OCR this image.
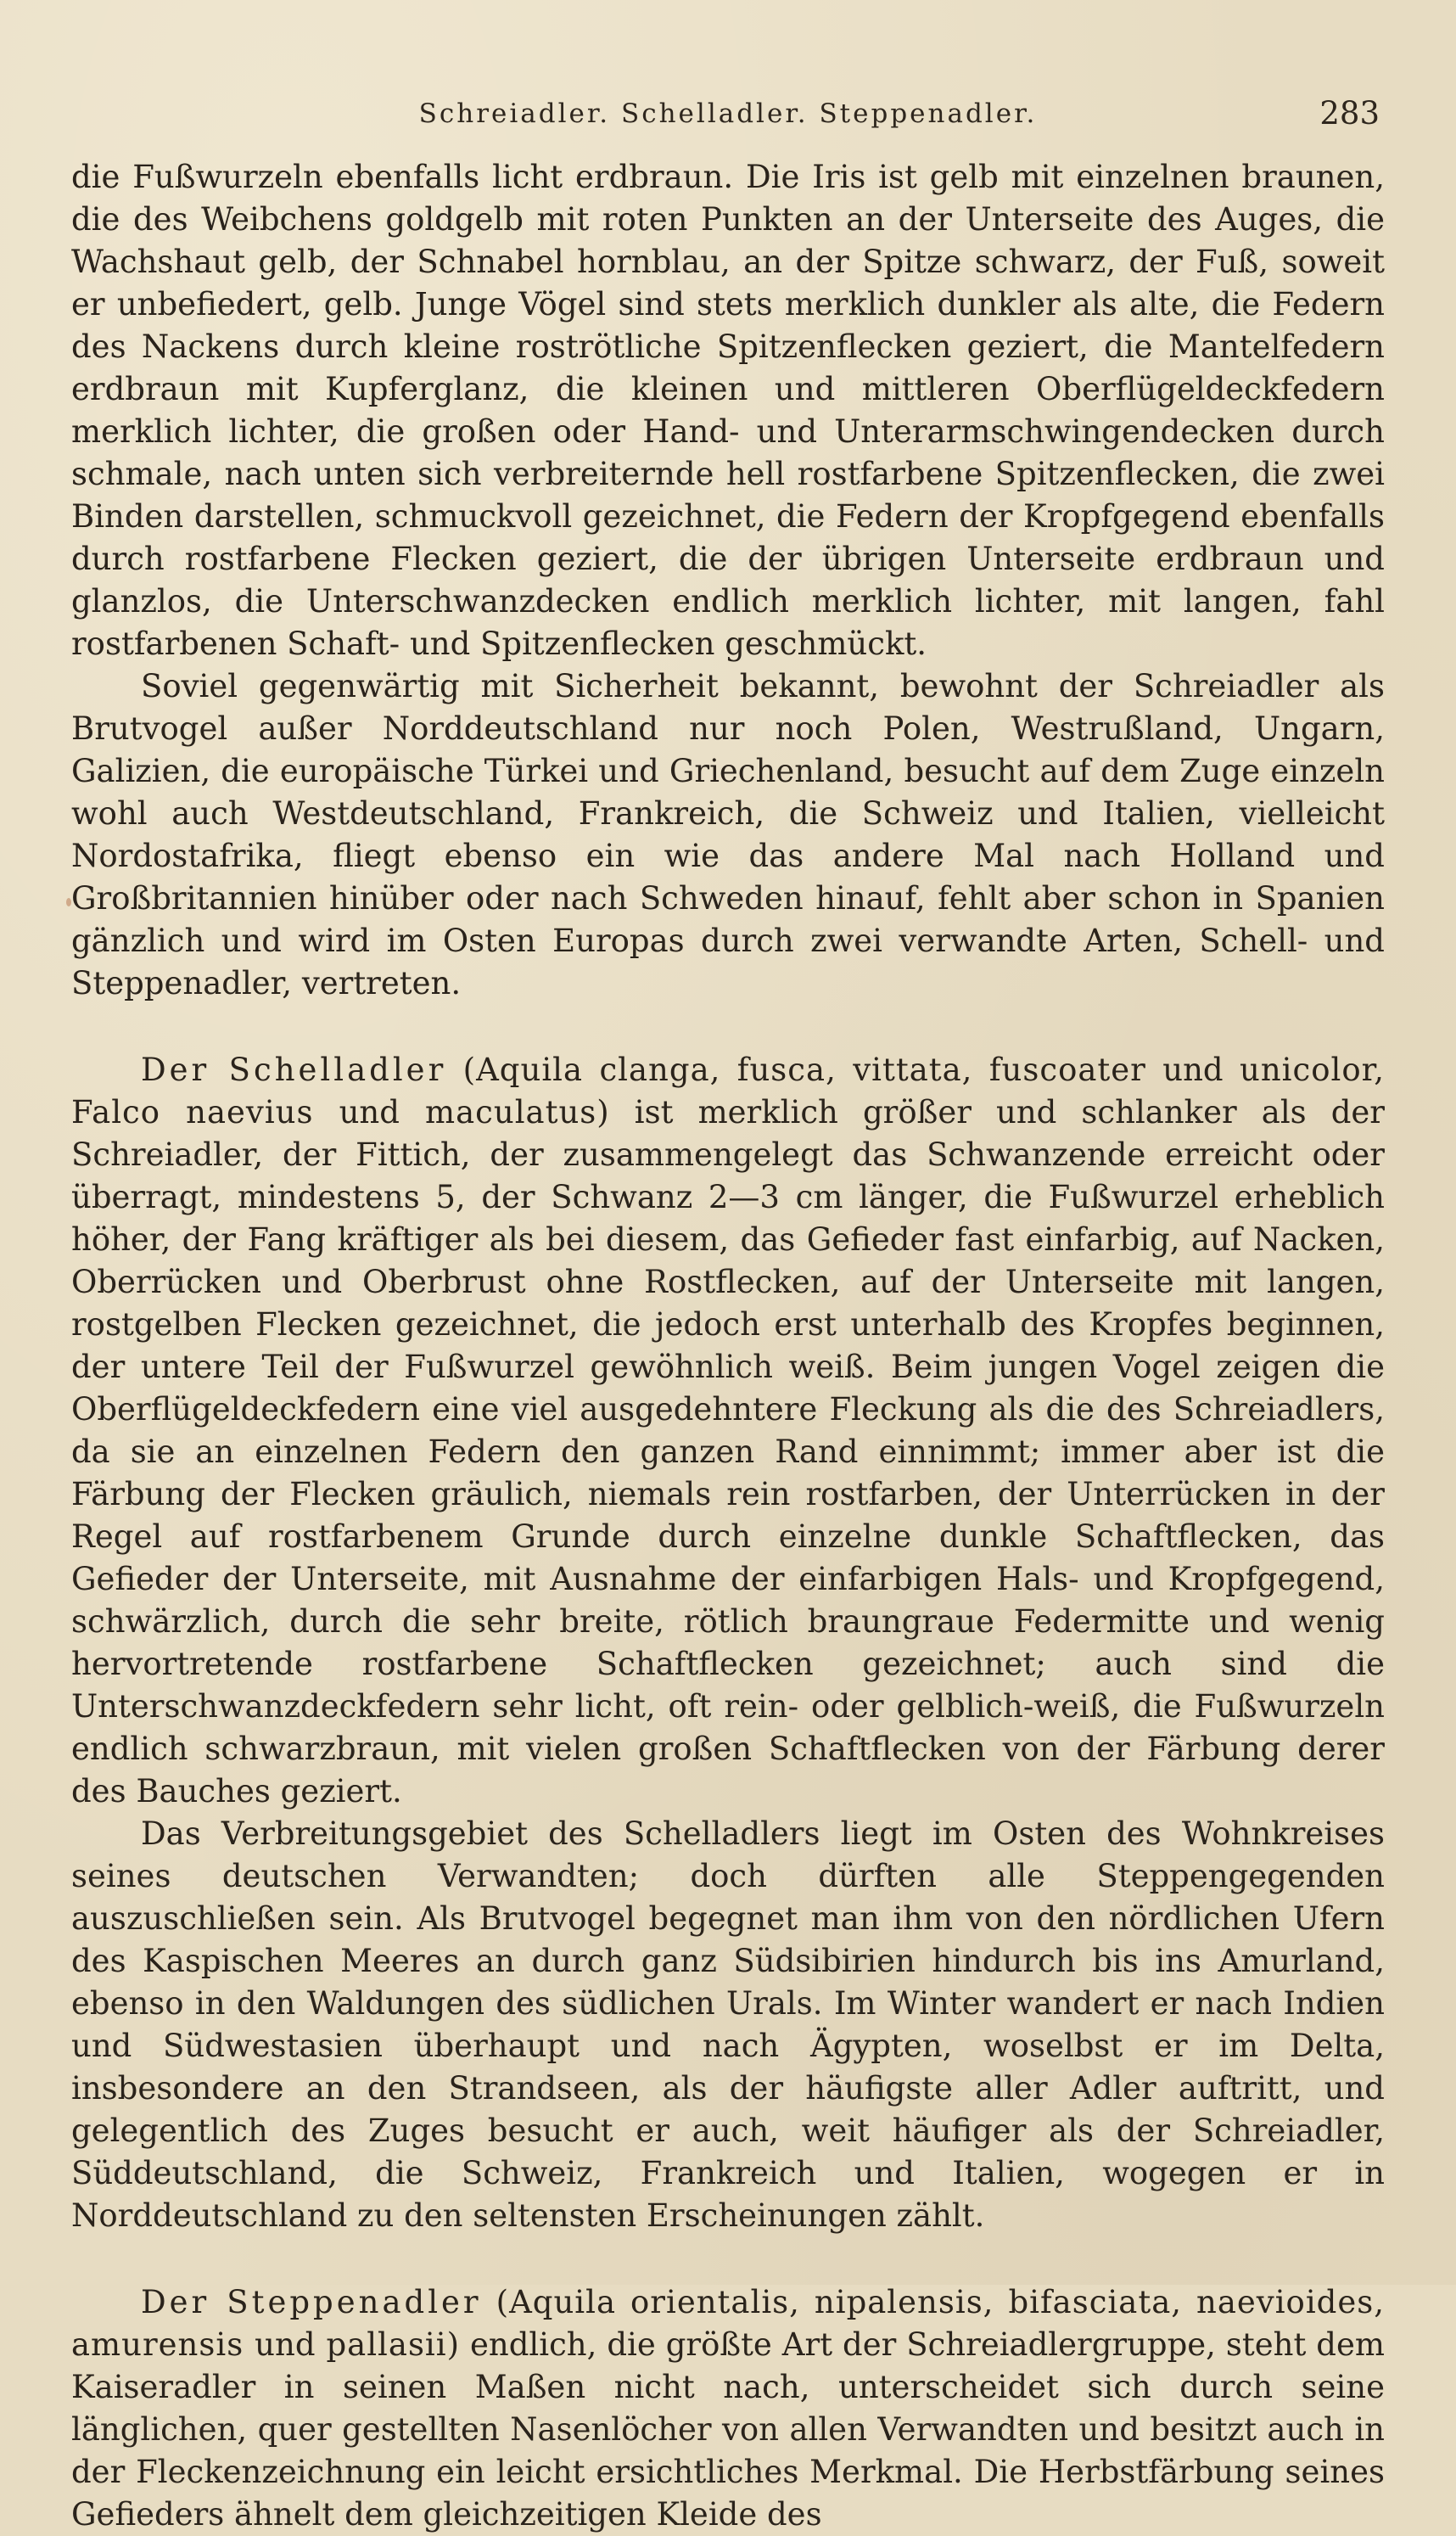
Schreiadler. Schelladler. Steppenadler.	283

die Fußwurzeln ebenfalls licht erdbraun. Die Iris ist gelb mit einzelnen braunen, die des Weibchens goldgelb mit roten Punkten an der Unterseite des Auges, die Wachshaut gelb, der Schnabel hornblau, an der Spitze schwarz, der Fuß, soweit er unbefiedert, gelb. Junge Vögel sind stets merklich dunkler als alte, die Federn des Nackens durch kleine roströtliche Spitzenflecken geziert, die Mantelfedern erdbraun mit Kupferglanz, die kleinen und mittleren Oberflügeldeckfedern merklich lichter, die großen oder Hand- und Unterarmschwingendecken durch schmale, nach unten sich verbreiternde hell rostfarbene Spitzenflecken, die zwei Binden darstellen, schmuckvoll gezeichnet, die Federn der Kropfgegend ebenfalls durch rostfarbene Flecken geziert, die der übrigen Unterseite erdbraun und glanzlos, die Unterschwanzdecken endlich merklich lichter, mit langen, fahl rostfarbenen Schaft- und Spitzenflecken geschmückt.

Soviel gegenwärtig mit Sicherheit bekannt, bewohnt der Schreiadler als Brutvogel außer Norddeutschland nur noch Polen, Westrußland, Ungarn, Galizien, die europäische Türkei und Griechenland, besucht auf dem Zuge einzeln wohl auch Westdeutschland, Frankreich, die Schweiz und Italien, vielleicht Nordostafrika, fliegt ebenso ein wie das andere Mal nach Holland und Großbritannien hinüber oder nach Schweden hinauf, fehlt aber schon in Spanien gänzlich und wird im Osten Europas durch zwei verwandte Arten, Schell- und Steppenadler, vertreten.

Der Schelladler (Aquila clanga, fusca, vittata, fuscoater und unicolor, Falco naevius und maculatus) ist merklich größer und schlanker als der Schreiadler, der Fittich, der zusammengelegt das Schwanzende erreicht oder überragt, mindestens 5, der Schwanz 2—3 cm länger, die Fußwurzel erheblich höher, der Fang kräftiger als bei diesem, das Gefieder fast einfarbig, auf Nacken, Oberrücken und Oberbrust ohne Rostflecken, auf der Unterseite mit langen, rostgelben Flecken gezeichnet, die jedoch erst unterhalb des Kropfes beginnen, der untere Teil der Fußwurzel gewöhnlich weiß. Beim jungen Vogel zeigen die Oberflügeldeckfedern eine viel ausgedehntere Fleckung als die des Schreiadlers, da sie an einzelnen Federn den ganzen Rand einnimmt; immer aber ist die Färbung der Flecken gräulich, niemals rein rostfarben, der Unterrücken in der Regel auf rostfarbenem Grunde durch einzelne dunkle Schaftflecken, das Gefieder der Unterseite, mit Ausnahme der einfarbigen Hals- und Kropfgegend, schwärzlich, durch die sehr breite, rötlich braungraue Federmitte und wenig hervortretende rostfarbene Schaftflecken gezeichnet; auch sind die Unterschwanzdeckfedern sehr licht, oft rein- oder gelblich-weiß, die Fußwurzeln endlich schwarzbraun, mit vielen großen Schaftflecken von der Färbung derer des Bauches geziert.

Das Verbreitungsgebiet des Schelladlers liegt im Osten des Wohnkreises seines deutschen Verwandten; doch dürften alle Steppengegenden auszuschließen sein. Als Brutvogel begegnet man ihm von den nördlichen Ufern des Kaspischen Meeres an durch ganz Südsibirien hindurch bis ins Amurland, ebenso in den Waldungen des südlichen Urals. Im Winter wandert er nach Indien und Südwestasien überhaupt und nach Ägypten, woselbst er im Delta, insbesondere an den Strandseen, als der häufigste aller Adler auftritt, und gelegentlich des Zuges besucht er auch, weit häufiger als der Schreiadler, Süddeutschland, die Schweiz, Frankreich und Italien, wogegen er in Norddeutschland zu den seltensten Erscheinungen zählt.

Der Steppenadler (Aquila orientalis, nipalensis, bifasciata, naevioides, amurensis und pallasii) endlich, die größte Art der Schreiadlergruppe, steht dem Kaiseradler in seinen Maßen nicht nach, unterscheidet sich durch seine länglichen, quer gestellten Nasenlöcher von allen Verwandten und besitzt auch in der Fleckenzeichnung ein leicht ersichtliches Merkmal. Die Herbstfärbung seines Gefieders ähnelt dem gleichzeitigen Kleide des
